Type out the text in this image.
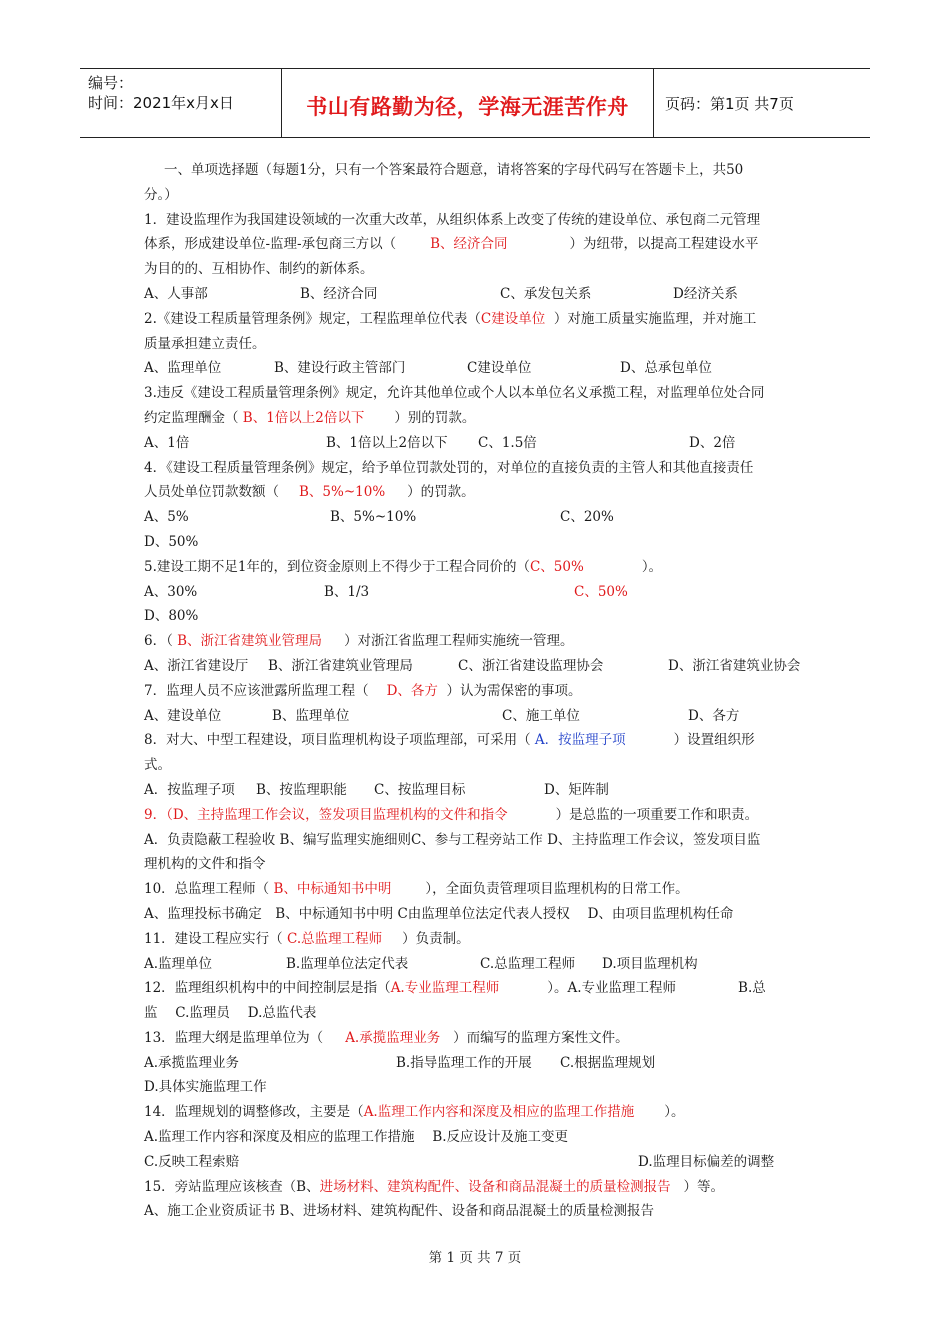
编号：
时间：2021年x月x日	书山有路勤为径，学海无涯苦作舟	页码：第1页 共7页
一、单项选择题（每题1分，只有一个答案最符合题意，请将答案的字母代码写在答题卡上，共50
分。）
1．建设监理作为我国建设领域的一次重大改革，从组织体系上改变了传统的建设单位、承包商二元管理
体系，形成建设单位-监理-承包商三方以（	B、经济合同	）为纽带，以提高工程建设水平
为目的的、互相协作、制约的新体系。
A、人事部	B、经济合同	C、承发包关系	D经济关系
2.《建设工程质量管理条例》规定，工程监理单位代表（C建设单位 ）对施工质量实施监理，并对施工
质量承担建立责任。
A、监理单位	B、建设行政主管部门	C建设单位	D、总承包单位
3.违反《建设工程质量管理条例》规定，允许其他单位或个人以本单位名义承揽工程，对监理单位处合同
约定监理酬金（ B、1倍以上2倍以下 ）别的罚款。
A、1倍	B、1倍以上2倍以下	C、1.5倍	D、2倍
4．《建设工程质量管理条例》规定，给予单位罚款处罚的，对单位的直接负责的主管人和其他直接责任
人员处单位罚款数额（ B、5%~10% ）的罚款。
A、5%	B、5%~10%	C、20%
D、50%
5.建设工期不足1年的，到位资金原则上不得少于工程合同价的（C、50%	）。
A、30%	B、1/3	C、50%
D、80%
6．（ B、浙江省建筑业管理局 ）对浙江省监理工程师实施统一管理。
A、浙江省建设厅	B、浙江省建筑业管理局	C、浙江省建设监理协会	D、浙江省建筑业协会
7．监理人员不应该泄露所监理工程（ D、各方 ）认为需保密的事项。
A、建设单位	B、监理单位	C、施工单位	D、各方
8．对大、中型工程建设，项目监理机构设子项监理部，可采用（ A．按监理子项	）设置组织形
式。
A．按监理子项	B、按监理职能	C、按监理目标	D、矩阵制
9．（D、主持监理工作会议，签发项目监理机构的文件和指令	）是总监的一项重要工作和职责。
A．负责隐蔽工程验收 B、编写监理实施细则C、参与工程旁站工作 D、主持监理工作会议，签发项目监
理机构的文件和指令
10．总监理工程师（ B、中标通知书中明	），全面负责管理项目监理机构的日常工作。
A、监理投标书确定　B、中标通知书中明 C由监理单位法定代表人授权　 D、由项目监理机构任命
11．建设工程应实行（ C.总监理工程师 ）负责制。
A.监理单位	B.监理单位法定代表	C.总监理工程师	D.项目监理机构
12．监理组织机构中的中间控制层是指（A.专业监理工程师	）。A.专业监理工程师	B.总
监　 C.监理员　 D.总监代表
13．监理大纲是监理单位为（ A.承揽监理业务 ）而编写的监理方案性文件。
A.承揽监理业务	B.指导监理工作的开展	C.根据监理规划
D.具体实施监理工作
14．监理规划的调整修改，主要是（A.监理工作内容和深度及相应的监理工作措施 ）。
A.监理工作内容和深度及相应的监理工作措施　 B.反应设计及施工变更
C.反映工程索赔	D.监理目标偏差的调整
15．旁站监理应该核查（B、进场材料、建筑构配件、设备和商品混凝土的质量检测报告 ）等。
A、施工企业资质证书 B、进场材料、建筑构配件、设备和商品混凝土的质量检测报告
第 1 页 共 7 页
